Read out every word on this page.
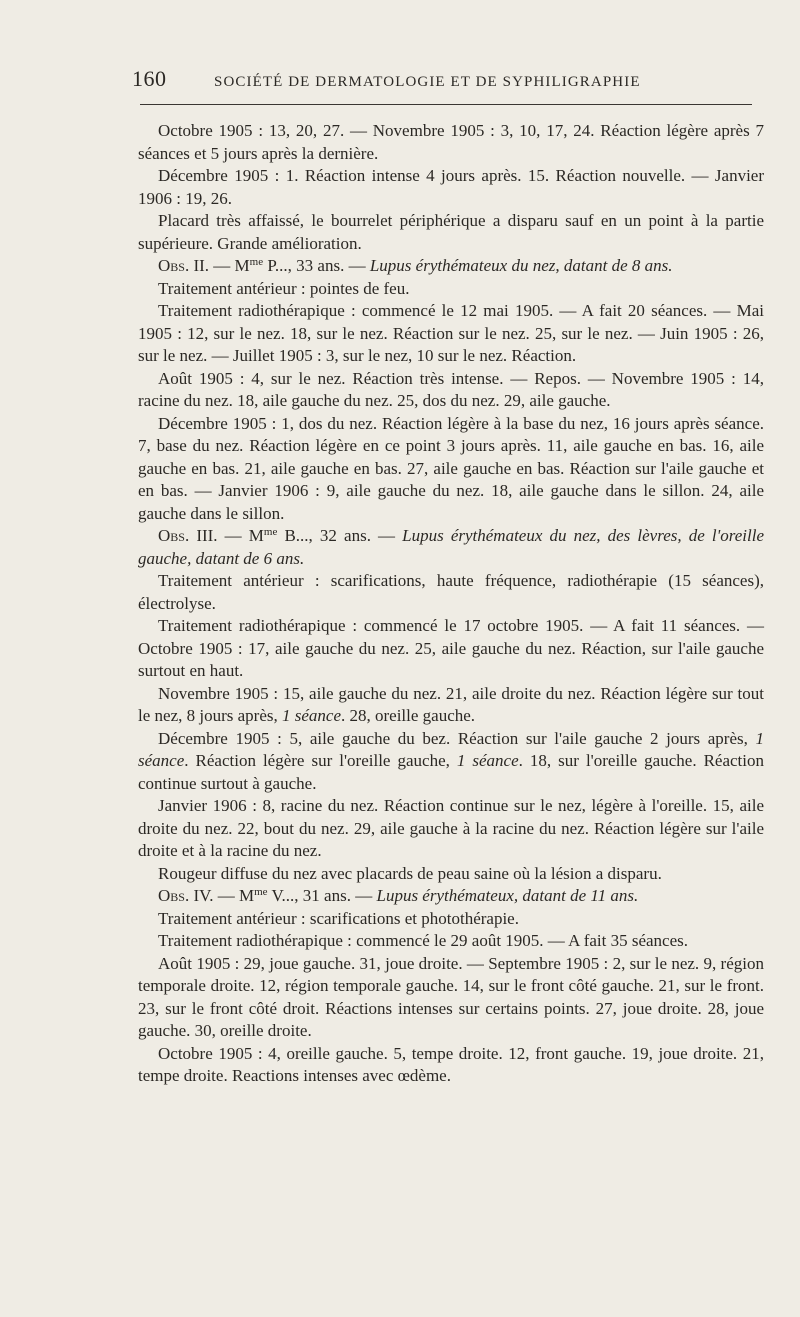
160	SOCIÉTÉ DE DERMATOLOGIE ET DE SYPHILIGRAPHIE

Octobre 1905 : 13, 20, 27. — Novembre 1905 : 3, 10, 17, 24. Réaction légère après 7 séances et 5 jours après la dernière.

Décembre 1905 : 1. Réaction intense 4 jours après. 15. Réaction nouvelle. — Janvier 1906 : 19, 26.

Placard très affaissé, le bourrelet périphérique a disparu sauf en un point à la partie supérieure. Grande amélioration.

Obs. II. — $M^{me}$ P..., 33 ans. — Lupus érythémateux du nez, datant de 8 ans.

Traitement antérieur : pointes de feu.

Traitement radiothérapique : commencé le 12 mai 1905. — A fait 20 séances. — Mai 1905 : 12, sur le nez. 18, sur le nez. Réaction sur le nez. 25, sur le nez. — Juin 1905 : 26, sur le nez. — Juillet 1905 : 3, sur le nez, 10 sur le nez. Réaction.

Août 1905 : 4, sur le nez. Réaction très intense. — Repos. — Novembre 1905 : 14, racine du nez. 18, aile gauche du nez. 25, dos du nez. 29, aile gauche.

Décembre 1905 : 1, dos du nez. Réaction légère à la base du nez, 16 jours après séance. 7, base du nez. Réaction légère en ce point 3 jours après. 11, aile gauche en bas. 16, aile gauche en bas. 21, aile gauche en bas. 27, aile gauche en bas. Réaction sur l'aile gauche et en bas. — Janvier 1906 : 9, aile gauche du nez. 18, aile gauche dans le sillon. 24, aile gauche dans le sillon.

Obs. III. — $M^{me}$ B..., 32 ans. — Lupus érythémateux du nez, des lèvres, de l'oreille gauche, datant de 6 ans.

Traitement antérieur : scarifications, haute fréquence, radiothérapie (15 séances), électrolyse.

Traitement radiothérapique : commencé le 17 octobre 1905. — A fait 11 séances. — Octobre 1905 : 17, aile gauche du nez. 25, aile gauche du nez. Réaction, sur l'aile gauche surtout en haut.

Novembre 1905 : 15, aile gauche du nez. 21, aile droite du nez. Réaction légère sur tout le nez, 8 jours après, 1 séance. 28, oreille gauche.

Décembre 1905 : 5, aile gauche du bez. Réaction sur l'aile gauche 2 jours après, 1 séance. Réaction légère sur l'oreille gauche, 1 séance. 18, sur l'oreille gauche. Réaction continue surtout à gauche.

Janvier 1906 : 8, racine du nez. Réaction continue sur le nez, légère à l'oreille. 15, aile droite du nez. 22, bout du nez. 29, aile gauche à la racine du nez. Réaction légère sur l'aile droite et à la racine du nez.

Rougeur diffuse du nez avec placards de peau saine où la lésion a disparu.

Obs. IV. — $M^{me}$ V..., 31 ans. — Lupus érythémateux, datant de 11 ans.

Traitement antérieur : scarifications et photothérapie.

Traitement radiothérapique : commencé le 29 août 1905. — A fait 35 séances.

Août 1905 : 29, joue gauche. 31, joue droite. — Septembre 1905 : 2, sur le nez. 9, région temporale droite. 12, région temporale gauche. 14, sur le front côté gauche. 21, sur le front. 23, sur le front côté droit. Réactions intenses sur certains points. 27, joue droite. 28, joue gauche. 30, oreille droite.

Octobre 1905 : 4, oreille gauche. 5, tempe droite. 12, front gauche. 19, joue droite. 21, tempe droite. Reactions intenses avec œdème.
